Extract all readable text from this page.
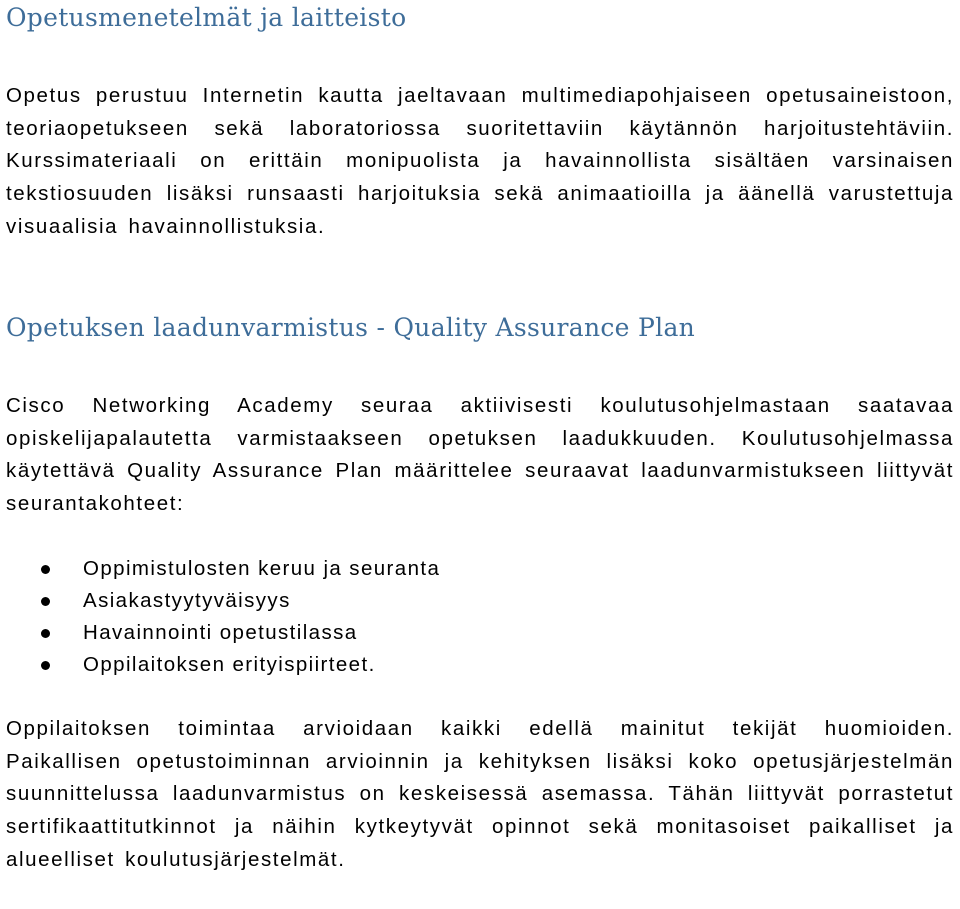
Opetusmenetelmät ja laitteisto

Opetus perustuu Internetin kautta jaeltavaan multimediapohjaiseen opetusaineistoon, teoriaopetukseen sekä laboratoriossa suoritettaviin käytännön harjoitustehtäviin. Kurssimateriaali on erittäin monipuolista ja havainnollista sisältäen varsinaisen tekstiosuuden lisäksi runsaasti harjoituksia sekä animaatioilla ja äänellä varustettuja visuaalisia havainnollistuksia.

Opetuksen laadunvarmistus - Quality Assurance Plan

Cisco Networking Academy seuraa aktiivisesti koulutusohjelmastaan saatavaa opiskelijapalautetta varmistaakseen opetuksen laadukkuuden. Koulutusohjelmassa käytettävä Quality Assurance Plan määrittelee seuraavat laadunvarmistukseen liittyvät seurantakohteet:

Oppimistulosten keruu ja seuranta
Asiakastyytyväisyys
Havainnointi opetustilassa
Oppilaitoksen erityispiirteet.

Oppilaitoksen toimintaa arvioidaan kaikki edellä mainitut tekijät huomioiden. Paikallisen opetustoiminnan arvioinnin ja kehityksen lisäksi koko opetusjärjestelmän suunnittelussa laadunvarmistus on keskeisessä asemassa. Tähän liittyvät porrastetut sertifikaattitutkinnot ja näihin kytkeytyvät opinnot sekä monitasoiset paikalliset ja alueelliset koulutusjärjestelmät.
